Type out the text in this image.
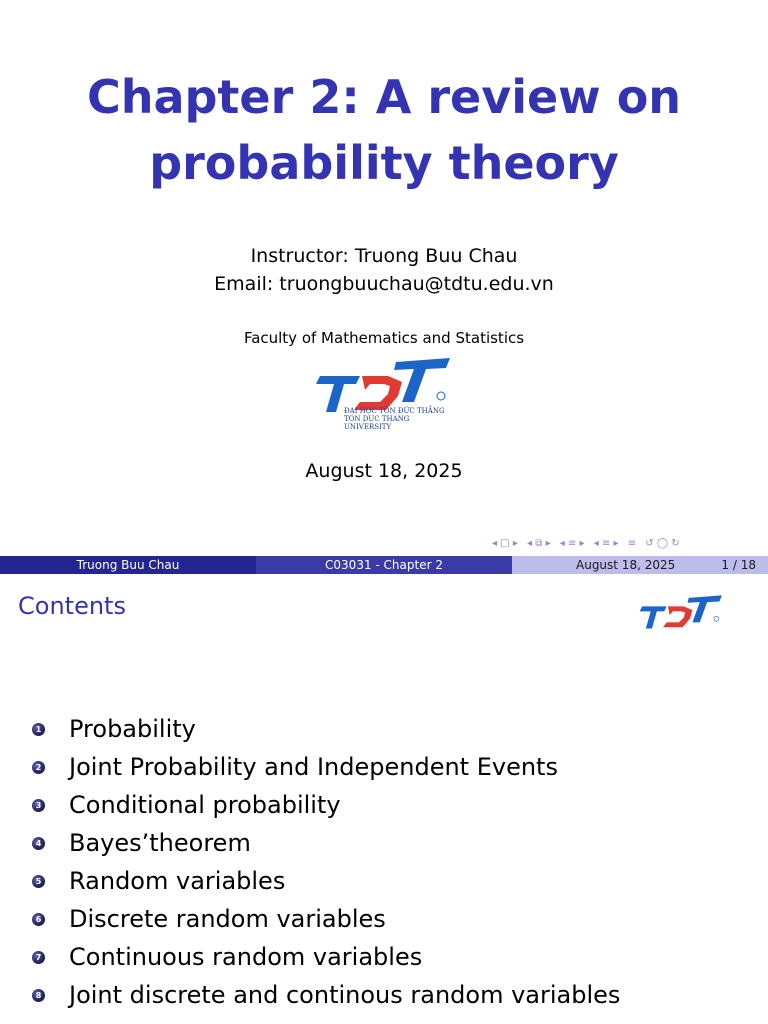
Chapter 2: A review on
probability theory
Instructor: Truong Buu Chau
Email: truongbuuchau@tdtu.edu.vn
Faculty of Mathematics and Statistics
ĐẠI HỌC TÔN ĐỨC THẮNG
TON DUC THANG UNIVERSITY
August 18, 2025
◂ □ ▸ ◂ ⧉ ▸ ◂ ≡ ▸ ◂ ≡ ▸ ≡ ↺ ◯ ↻
Truong Buu Chau	C03031 - Chapter 2	August 18, 2025	1 / 18
Contents
1 Probability
2 Joint Probability and Independent Events
3 Conditional probability
4 Bayes’theorem
5 Random variables
6 Discrete random variables
7 Continuous random variables
8 Joint discrete and continous random variables
